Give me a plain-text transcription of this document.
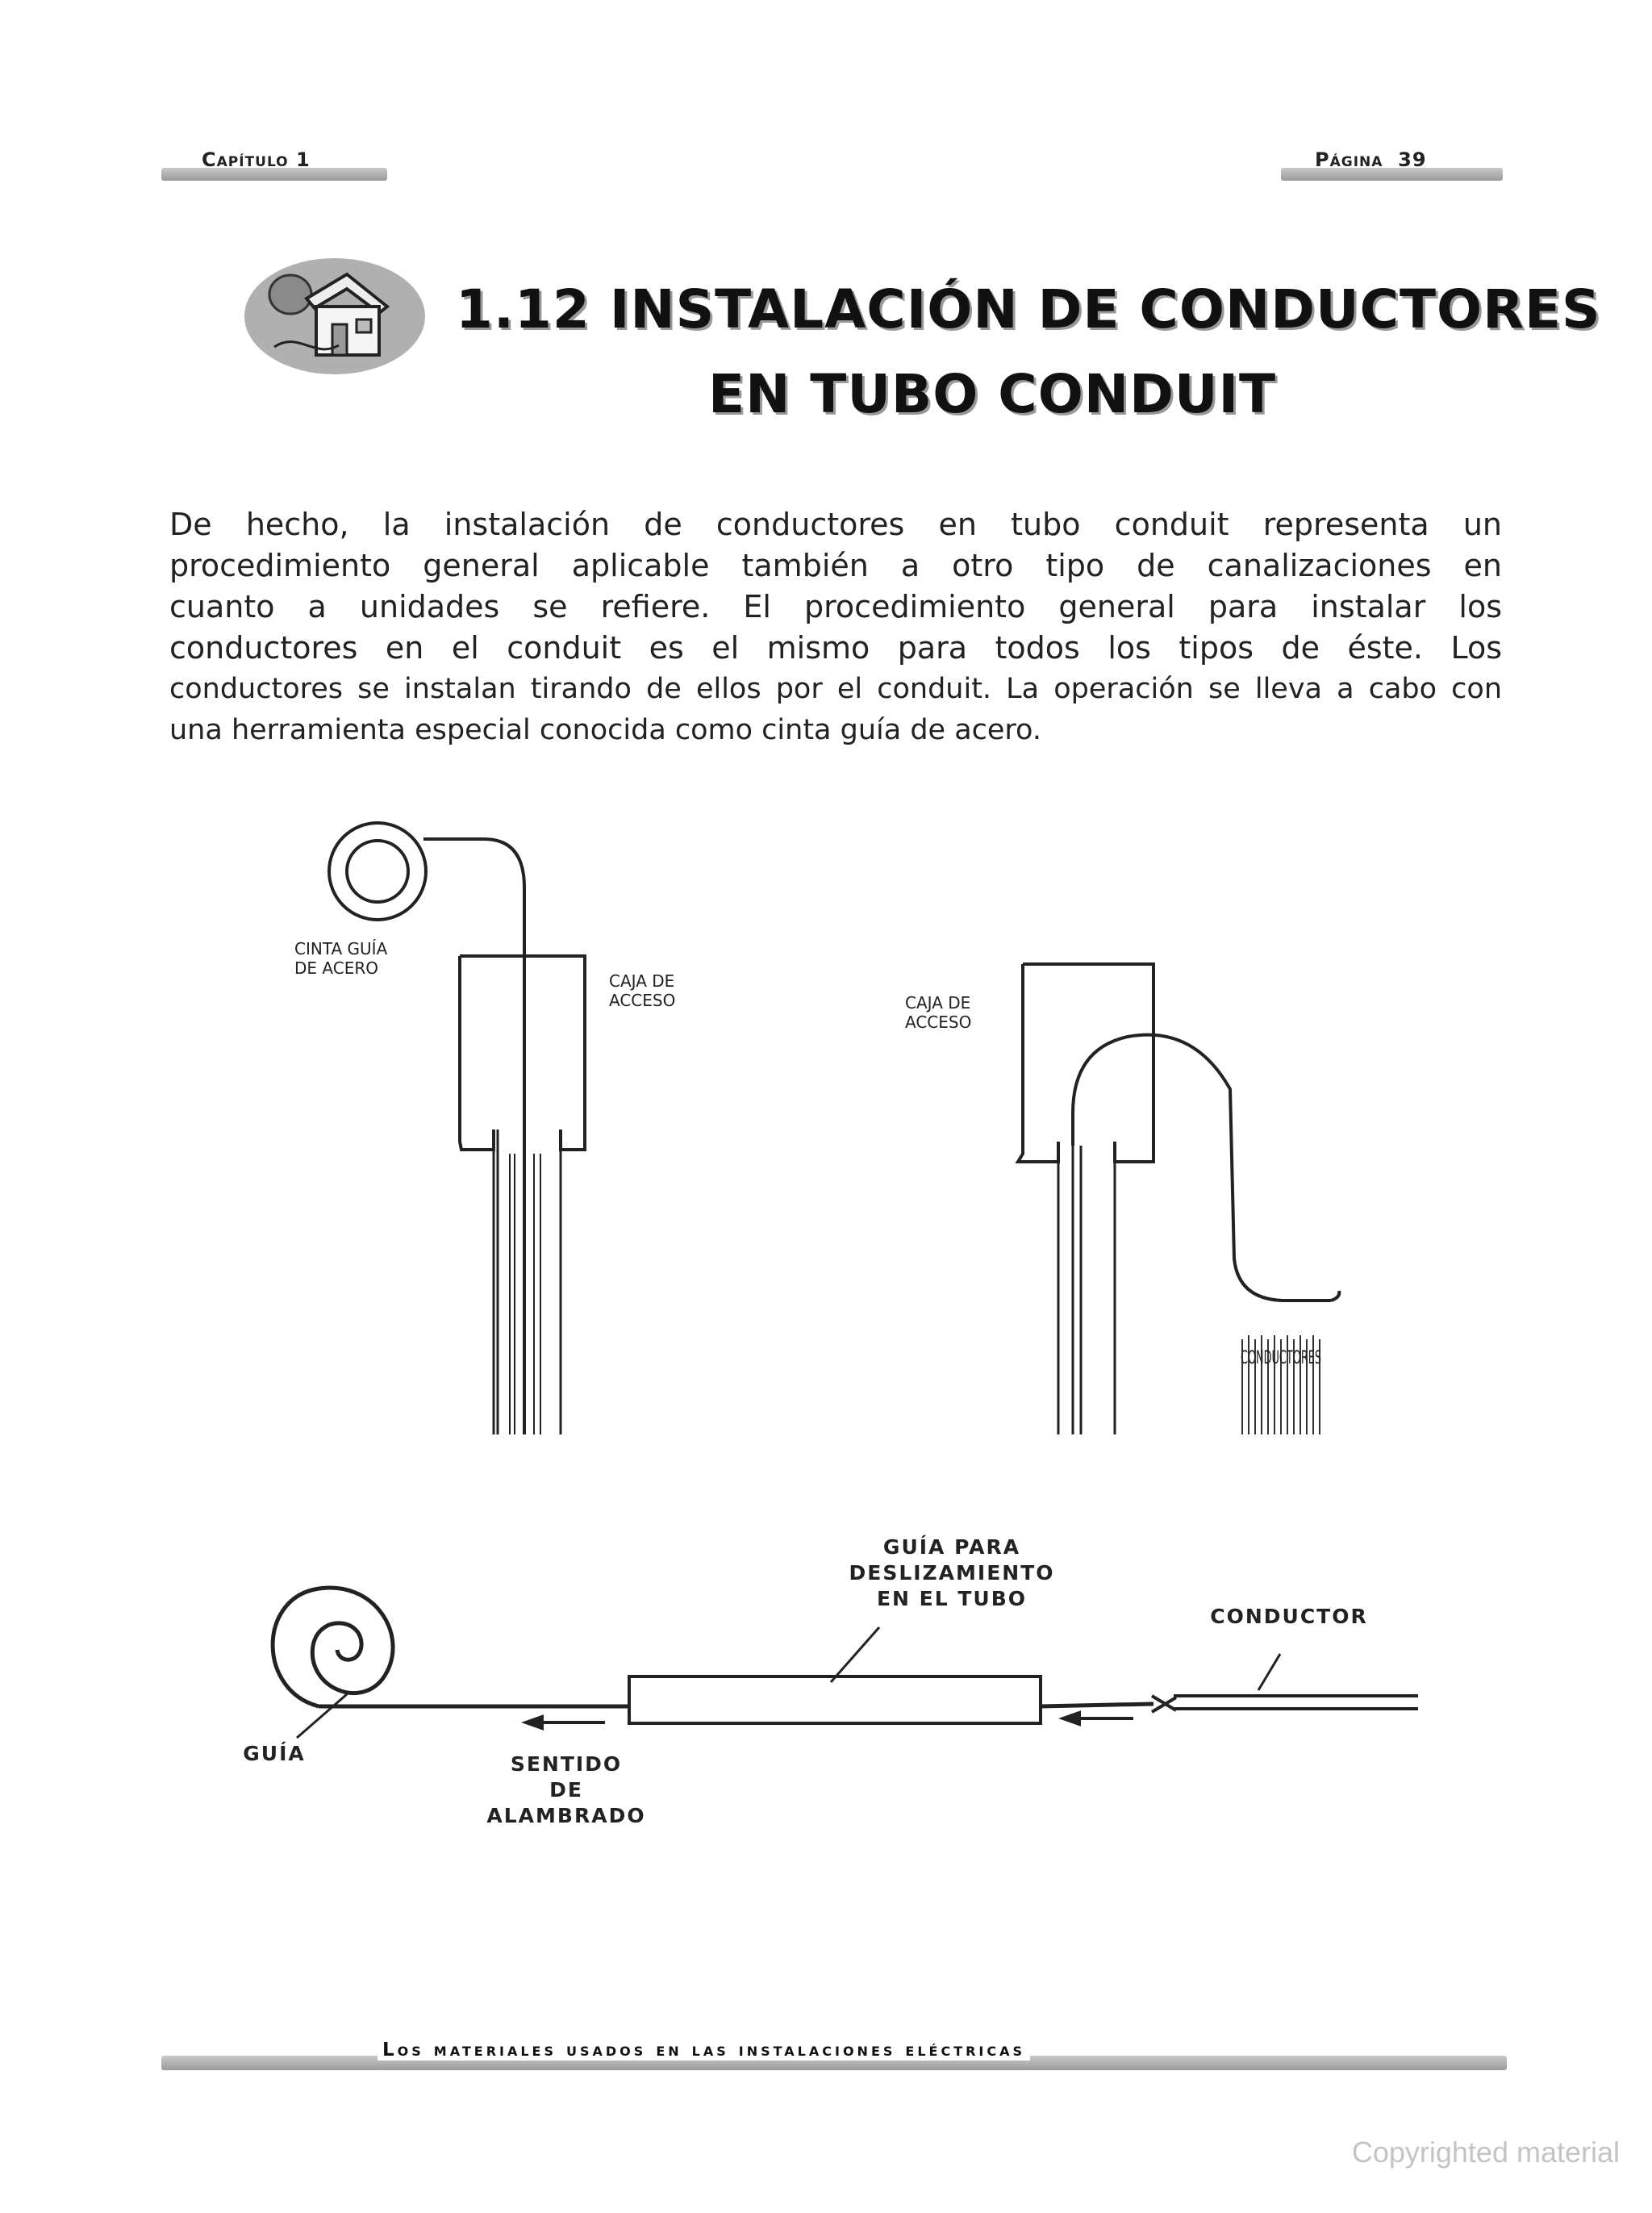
Capítulo 1	Página 39
1.12 INSTALACIÓN DE CONDUCTORES
EN TUBO CONDUIT
De hecho, la instalación de conductores en tubo conduit representa un
procedimiento general aplicable también a otro tipo de canalizaciones en
cuanto a unidades se refiere. El procedimiento general para instalar los
conductores en el conduit es el mismo para todos los tipos de éste. Los
conductores se instalan tirando de ellos por el conduit. La operación se lleva a cabo con
una herramienta especial conocida como cinta guía de acero.
CINTA GUÍA
DE ACERO
CAJA DE
ACCESO
CONDUCTORES
CAJA DE
ACCESO
GUÍA PARA
DESLIZAMIENTO
EN EL TUBO
CONDUCTOR
GUÍA	SENTIDO
DE
ALAMBRADO
Los materiales usados en las instalaciones eléctricas
Copyrighted material
